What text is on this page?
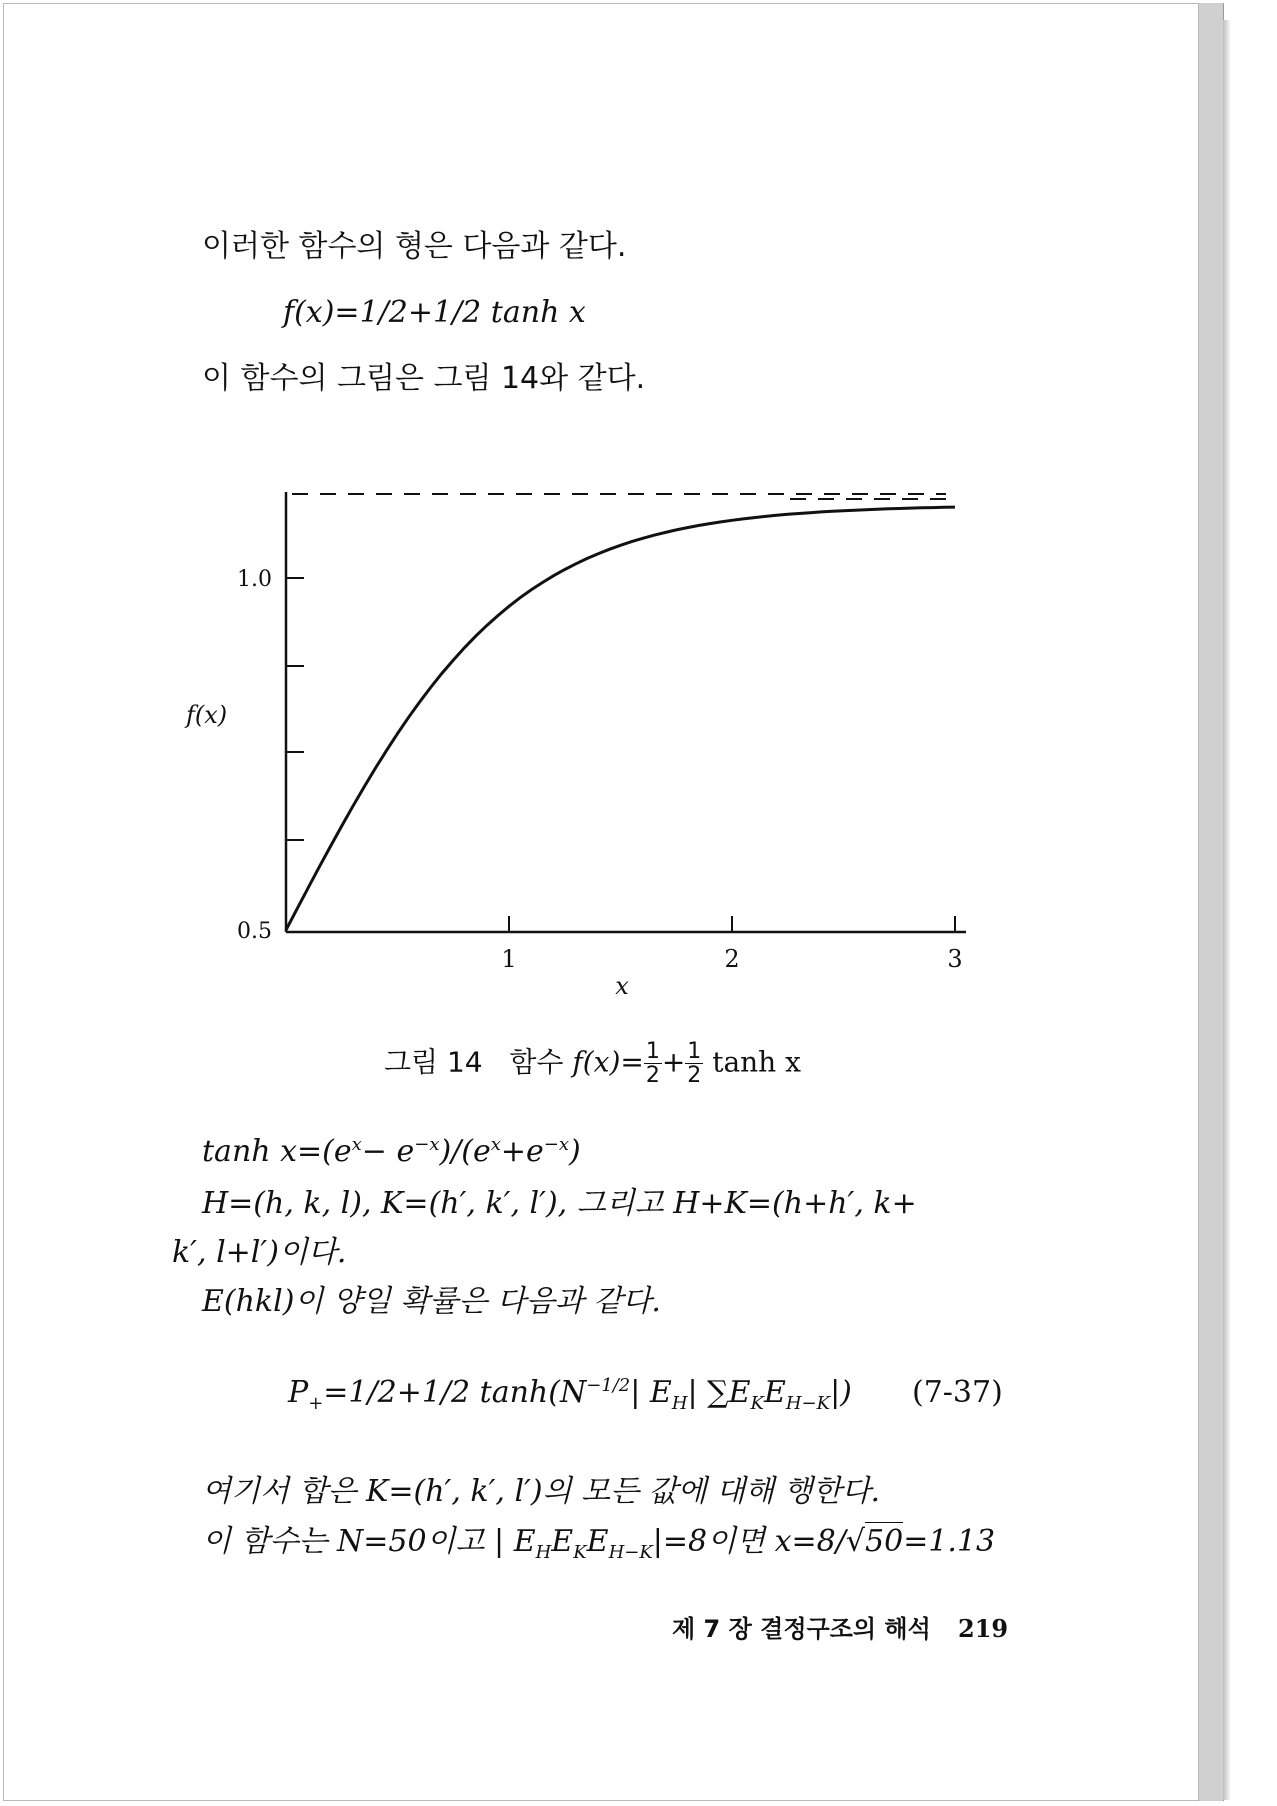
이러한 함수의 형은 다음과 같다.
f(x)=1/2+1/2 tanh x
이 함수의 그림은 그림 14와 같다.
1	2	3
0.5
1.0
f(x)
x
그림 14 함수 $f(x)= \frac{1}{2} + \frac{1}{2}$ tanh x
$\tanh x=(e^x- e^{-x})/(e^x+e^{-x})$
H=(h, k, l), K=(h′, k′, l′), 그리고 H+K=(h+h′, k+
k′, l+l′)이다.
E(hkl)이 양일 확률은 다음과 같다.
$P_+=1/2+1/2$ $\tanh(N^{-1/2}|$ $E_H|$ $\sum E_KE_{H-K}|$) (7-37)
여기서 합은 K=(h′, k′, l′)의 모든 값에 대해 행한다.
이 함수는 N=50이고 | $E_HE_KE_{H-K}|=8$이면 x=8/√50=1.13
제 7 장 결정구조의 해석 219
